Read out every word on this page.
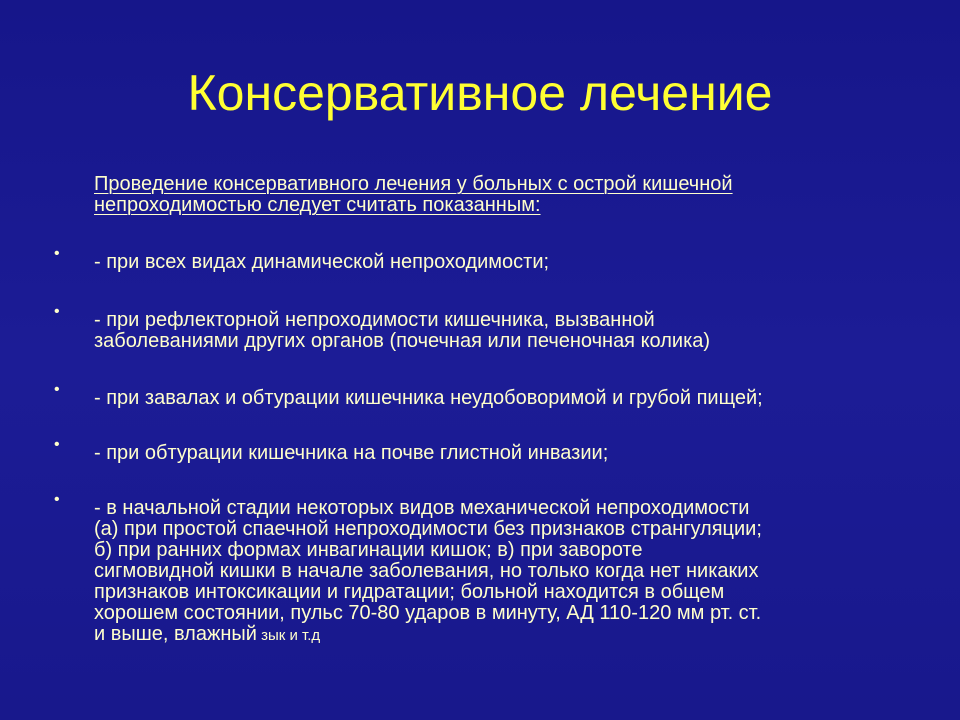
Консервативное лечение
Проведение консервативного лечения у больных с острой кишечной
непроходимостью следует считать показанным:
• - при всех видах динамической непроходимости;
• - при рефлекторной непроходимости кишечника, вызванной
заболеваниями других органов (почечная или печеночная колика)
• - при завалах и обтурации кишечника неудобоворимой и грубой пищей;
• - при обтурации кишечника на почве глистной инвазии;
• - в начальной стадии некоторых видов механической непроходимости
(а) при простой спаечной непроходимости без признаков странгуляции;
б) при ранних формах инвагинации кишок; в) при завороте
сигмовидной кишки в начале заболевания, но только когда нет никаких
признаков интоксикации и гидратации; больной находится в общем
хорошем состоянии, пульс 70-80 ударов в минуту, АД 110-120 мм рт. ст.
и выше, влажный зык и т.д
